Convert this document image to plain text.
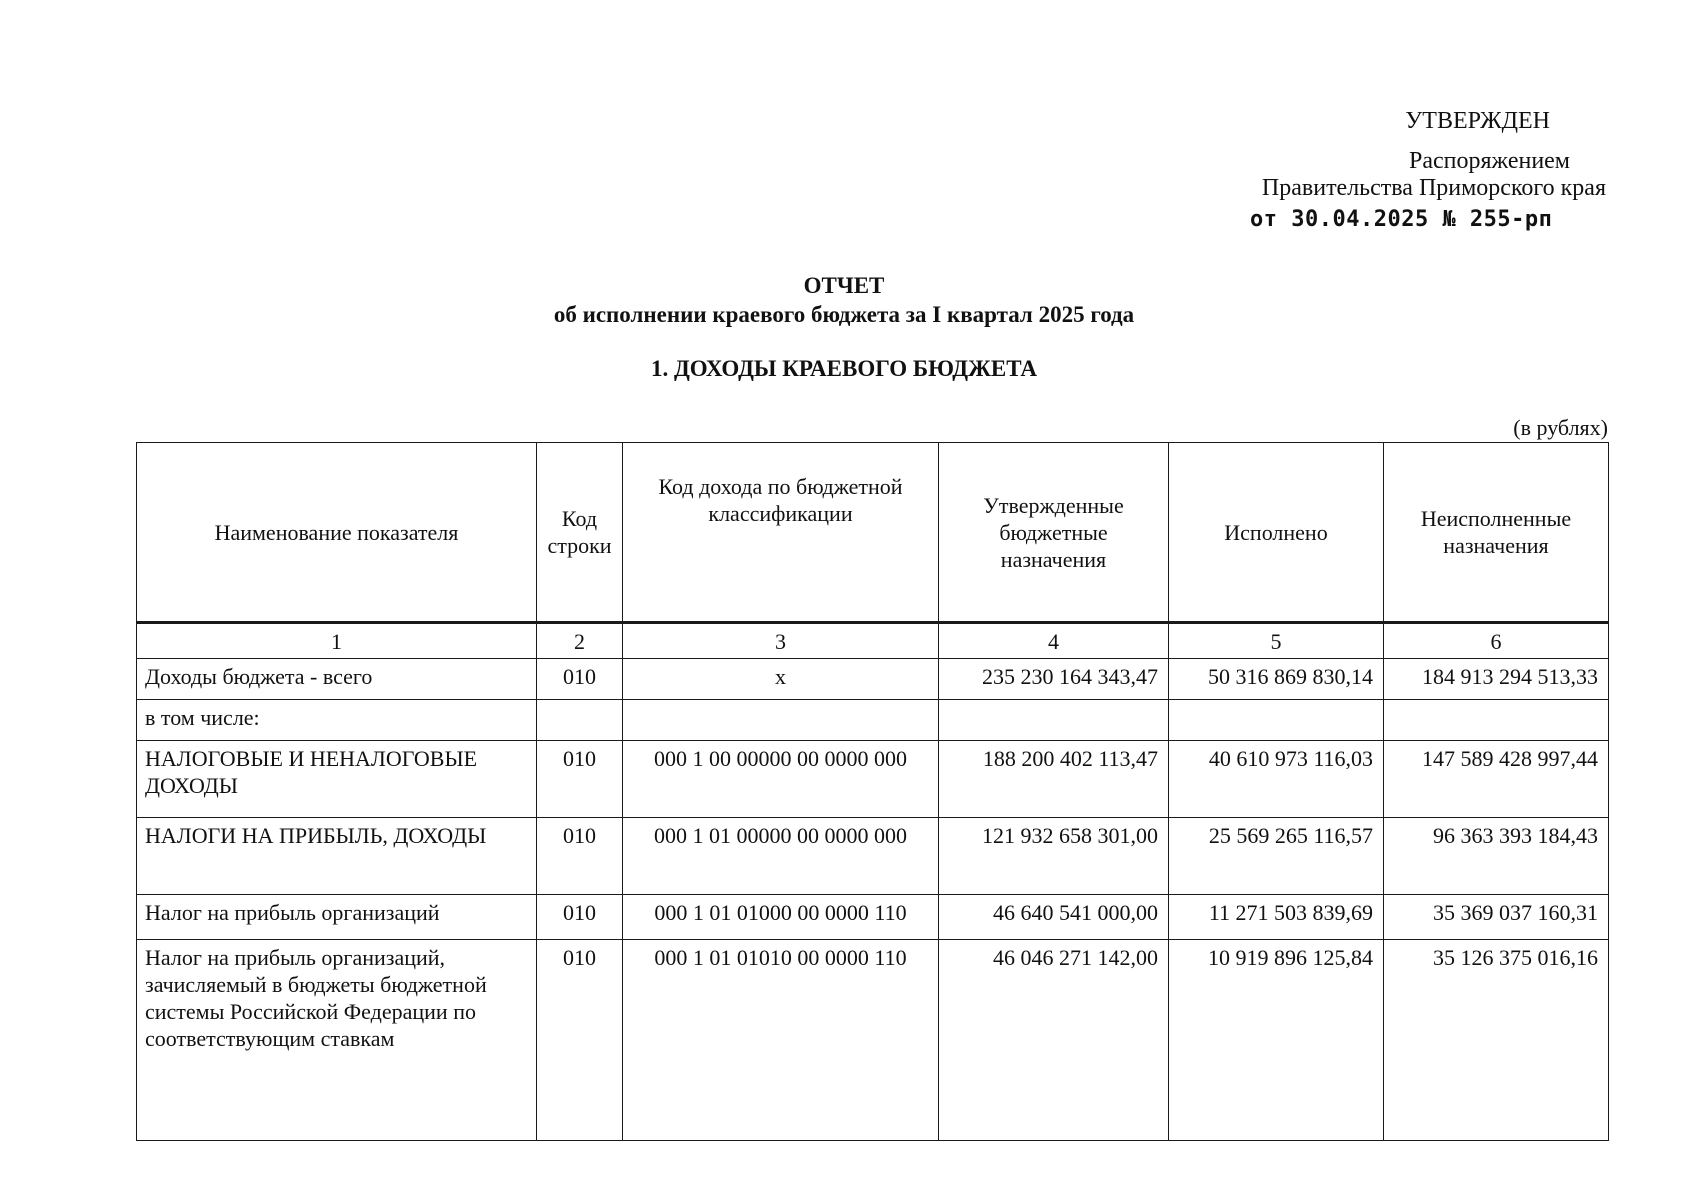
УТВЕРЖДЕН
Распоряжением
Правительства Приморского края
от 30.04.2025 № 255-рп
ОТЧЕТ
об исполнении краевого бюджета за I квартал 2025 года
1. ДОХОДЫ КРАЕВОГО БЮДЖЕТА
(в рублях)
Наименование показателя	Код строки	Код дохода по бюджетной классификации	Утвержденные бюджетные назначения	Исполнено	Неисполненные назначения
1	2	3	4	5	6
Доходы бюджета - всего	010	x	235 230 164 343,47	50 316 869 830,14	184 913 294 513,33
в том числе:					
НАЛОГОВЫЕ И НЕНАЛОГОВЫЕ ДОХОДЫ	010	000 1 00 00000 00 0000 000	188 200 402 113,47	40 610 973 116,03	147 589 428 997,44
НАЛОГИ НА ПРИБЫЛЬ, ДОХОДЫ	010	000 1 01 00000 00 0000 000	121 932 658 301,00	25 569 265 116,57	96 363 393 184,43
Налог на прибыль организаций	010	000 1 01 01000 00 0000 110	46 640 541 000,00	11 271 503 839,69	35 369 037 160,31
Налог на прибыль организаций, зачисляемый в бюджеты бюджетной системы Российской Федерации по соответствующим ставкам	010	000 1 01 01010 00 0000 110	46 046 271 142,00	10 919 896 125,84	35 126 375 016,16
